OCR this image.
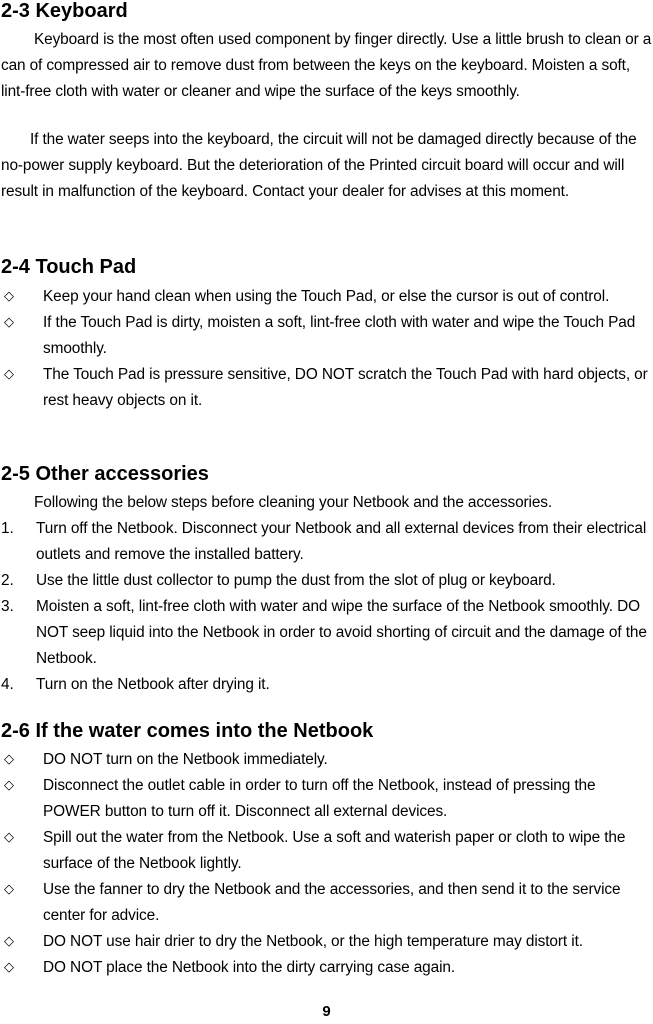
2-3 Keyboard

Keyboard is the most often used component by finger directly. Use a little brush to clean or a can of compressed air to remove dust from between the keys on the keyboard. Moisten a soft, lint-free cloth with water or cleaner and wipe the surface of the keys smoothly.

If the water seeps into the keyboard, the circuit will not be damaged directly because of the no-power supply keyboard. But the deterioration of the Printed circuit board will occur and will result in malfunction of the keyboard. Contact your dealer for advises at this moment.

2-4 Touch Pad
◇ Keep your hand clean when using the Touch Pad, or else the cursor is out of control.
◇ If the Touch Pad is dirty, moisten a soft, lint-free cloth with water and wipe the Touch Pad smoothly.
◇ The Touch Pad is pressure sensitive, DO NOT scratch the Touch Pad with hard objects, or rest heavy objects on it.
2-5 Other accessories

Following the below steps before cleaning your Netbook and the accessories.

1. Turn off the Netbook. Disconnect your Netbook and all external devices from their electrical outlets and remove the installed battery.
2. Use the little dust collector to pump the dust from the slot of plug or keyboard.
3. Moisten a soft, lint-free cloth with water and wipe the surface of the Netbook smoothly. DO NOT seep liquid into the Netbook in order to avoid shorting of circuit and the damage of the Netbook.
4. Turn on the Netbook after drying it.
2-6 If the water comes into the Netbook
◇ DO NOT turn on the Netbook immediately.
◇ Disconnect the outlet cable in order to turn off the Netbook, instead of pressing the POWER button to turn off it. Disconnect all external devices.
◇ Spill out the water from the Netbook. Use a soft and waterish paper or cloth to wipe the surface of the Netbook lightly.
◇ Use the fanner to dry the Netbook and the accessories, and then send it to the service center for advice.
◇ DO NOT use hair drier to dry the Netbook, or the high temperature may distort it.
◇ DO NOT place the Netbook into the dirty carrying case again.
9
